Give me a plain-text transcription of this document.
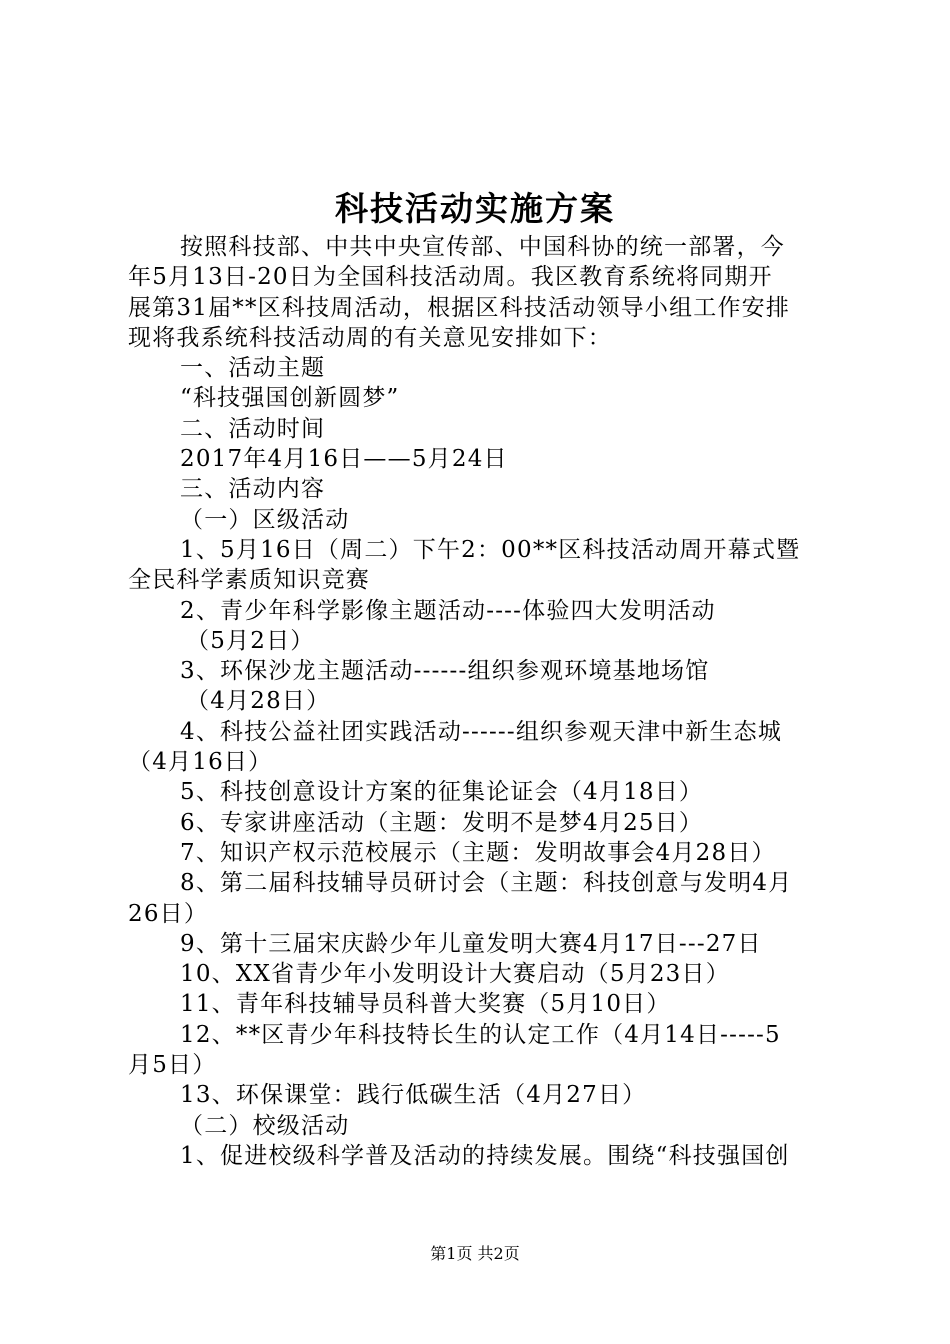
科技活动实施方案

按照科技部、中共中央宣传部、中国科协的统一部署，今

年5月13日-20日为全国科技活动周。我区教育系统将同期开

展第31届**区科技周活动，根据区科技活动领导小组工作安排

现将我系统科技活动周的有关意见安排如下：

一、活动主题

“科技强国创新圆梦”

二、活动时间

2017年4月16日——5月24日

三、活动内容

（一）区级活动

1、5月16日（周二）下午2：00**区科技活动周开幕式暨

全民科学素质知识竞赛

2、青少年科学影像主题活动----体验四大发明活动

（5月2日）

3、环保沙龙主题活动------组织参观环境基地场馆

（4月28日）

4、科技公益社团实践活动------组织参观天津中新生态城

（4月16日）

5、科技创意设计方案的征集论证会（4月18日）

6、专家讲座活动（主题：发明不是梦4月25日）

7、知识产权示范校展示（主题：发明故事会4月28日）

8、第二届科技辅导员研讨会（主题：科技创意与发明4月

26日）

9、第十三届宋庆龄少年儿童发明大赛4月17日---27日

10、XX省青少年小发明设计大赛启动（5月23日）

11、青年科技辅导员科普大奖赛（5月10日）

12、**区青少年科技特长生的认定工作（4月14日-----5

月5日）

13、环保课堂：践行低碳生活（4月27日）

（二）校级活动

1、促进校级科学普及活动的持续发展。围绕“科技强国创

第1页 共2页
